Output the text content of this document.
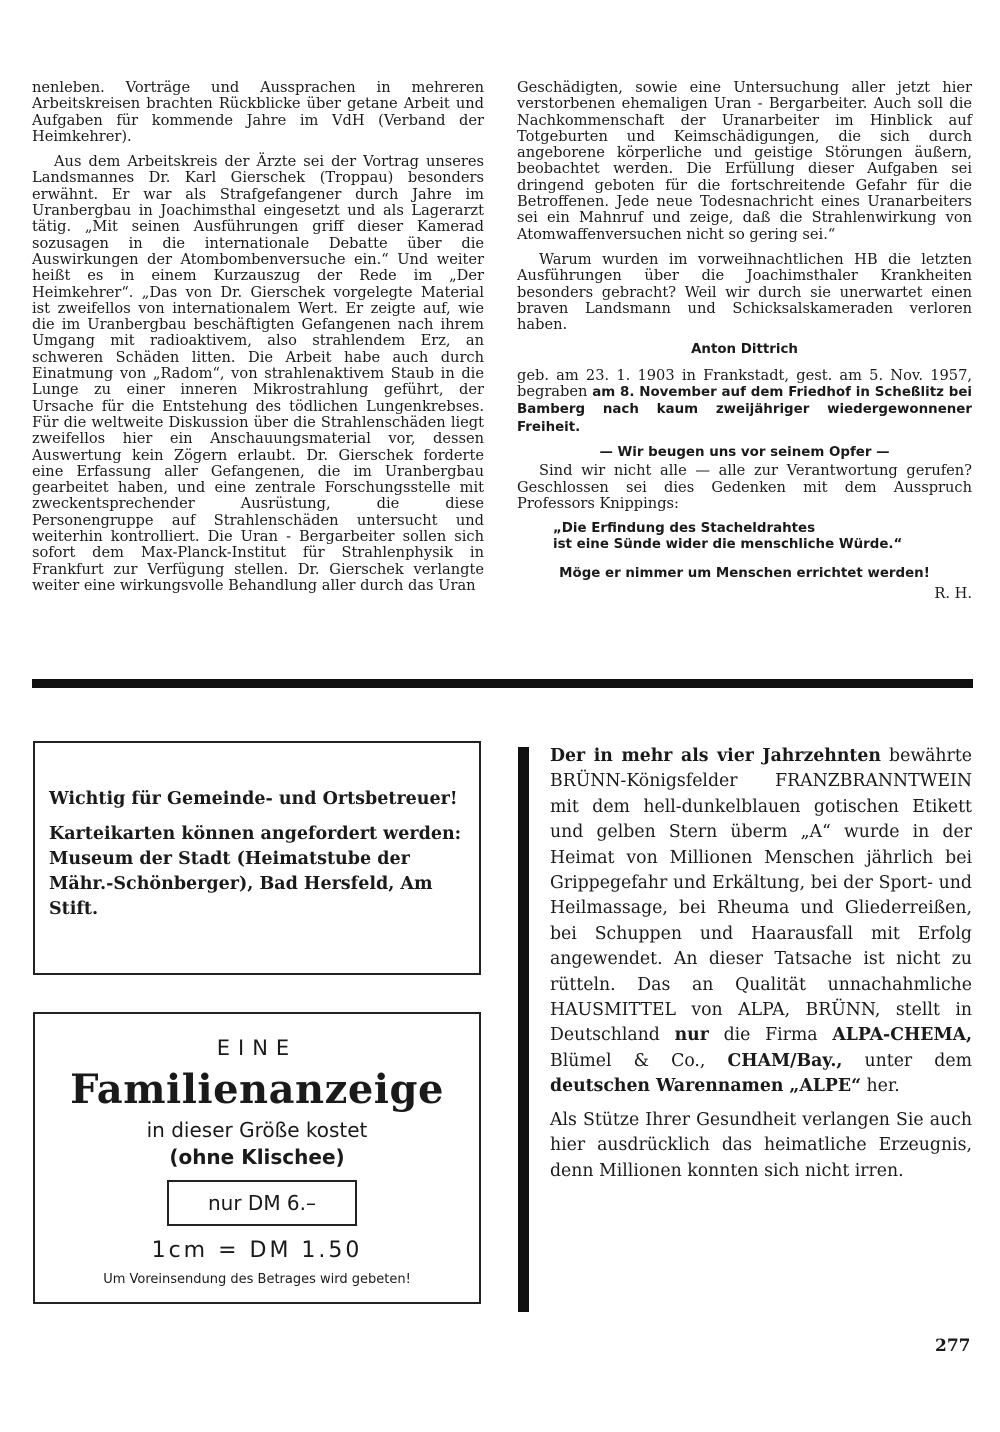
nenleben. Vorträge und Aussprachen in mehreren Arbeitskreisen brachten Rückblicke über getane Arbeit und Aufgaben für kommende Jahre im VdH (Verband der Heimkehrer).

Aus dem Arbeitskreis der Ärzte sei der Vortrag unseres Landsmannes Dr. Karl Gierschek (Troppau) besonders erwähnt. Er war als Strafgefangener durch Jahre im Uranbergbau in Joachimsthal eingesetzt und als Lagerarzt tätig. „Mit seinen Ausführungen griff dieser Kamerad sozusagen in die internationale Debatte über die Auswirkungen der Atombombenversuche ein.“ Und weiter heißt es in einem Kurzauszug der Rede im „Der Heimkehrer“. „Das von Dr. Gierschek vorgelegte Material ist zweifellos von internationalem Wert. Er zeigte auf, wie die im Uranbergbau beschäftigten Gefangenen nach ihrem Umgang mit radioaktivem, also strahlendem Erz, an schweren Schäden litten. Die Arbeit habe auch durch Einatmung von „Radom“, von strahlenaktivem Staub in die Lunge zu einer inneren Mikrostrahlung geführt, der Ursache für die Entstehung des tödlichen Lungenkrebses. Für die weltweite Diskussion über die Strahlenschäden liegt zweifellos hier ein Anschauungsmaterial vor, dessen Auswertung kein Zögern erlaubt. Dr. Gierschek forderte eine Erfassung aller Gefangenen, die im Uranbergbau gearbeitet haben, und eine zentrale Forschungsstelle mit zweckentsprechender Ausrüstung, die diese Personengruppe auf Strahlenschäden untersucht und weiterhin kontrolliert. Die Uran - Bergarbeiter sollen sich sofort dem Max-Planck-Institut für Strahlenphysik in Frankfurt zur Verfügung stellen. Dr. Gierschek verlangte weiter eine wirkungsvolle Behandlung aller durch das Uran

Geschädigten, sowie eine Untersuchung aller jetzt hier verstorbenen ehemaligen Uran - Bergarbeiter. Auch soll die Nachkommenschaft der Uranarbeiter im Hinblick auf Totgeburten und Keimschädigungen, die sich durch angeborene körperliche und geistige Störungen äußern, beobachtet werden. Die Erfüllung dieser Aufgaben sei dringend geboten für die fortschreitende Gefahr für die Betroffenen. Jede neue Todesnachricht eines Uranarbeiters sei ein Mahnruf und zeige, daß die Strahlenwirkung von Atomwaffenversuchen nicht so gering sei.“

Warum wurden im vorweihnachtlichen HB die letzten Ausführungen über die Joachimsthaler Krankheiten besonders gebracht? Weil wir durch sie unerwartet einen braven Landsmann und Schicksalskameraden verloren haben.

Anton Dittrich

geb. am 23. 1. 1903 in Frankstadt, gest. am 5. Nov. 1957, begraben am 8. November auf dem Friedhof in Scheßlitz bei Bamberg nach kaum zweijähriger wiedergewonnener Freiheit.

— Wir beugen uns vor seinem Opfer —

Sind wir nicht alle — alle zur Verantwortung gerufen? Geschlossen sei dies Gedenken mit dem Ausspruch Professors Knippings:

„Die Erfindung des Stacheldrahtes

ist eine Sünde wider die menschliche Würde.“

Möge er nimmer um Menschen errichtet werden!

R. H.

Wichtig für Gemeinde- und Ortsbetreuer!

Karteikarten können angefordert werden: Museum der Stadt (Heimatstube der Mähr.-Schönberger), Bad Hersfeld, Am Stift.

EINE
Familienanzeige
in dieser Größe kostet
(ohne Klischee)
nur DM 6.–
1cm = DM 1.50
Um Voreinsendung des Betrages wird gebeten!

Der in mehr als vier Jahrzehnten bewährte BRÜNN-Königsfelder FRANZBRANNTWEIN mit dem hell-dunkelblauen gotischen Etikett und gelben Stern überm „A“ wurde in der Heimat von Millionen Menschen jährlich bei Grippegefahr und Erkältung, bei der Sport- und Heilmassage, bei Rheuma und Gliederreißen, bei Schuppen und Haarausfall mit Erfolg angewendet. An dieser Tatsache ist nicht zu rütteln. Das an Qualität unnachahmliche HAUSMITTEL von ALPA, BRÜNN, stellt in Deutschland nur die Firma ALPA-CHEMA, Blümel & Co., CHAM/Bay., unter dem deutschen Warennamen „ALPE“ her.

Als Stütze Ihrer Gesundheit verlangen Sie auch hier ausdrücklich das heimatliche Erzeugnis, denn Millionen konnten sich nicht irren.

277
